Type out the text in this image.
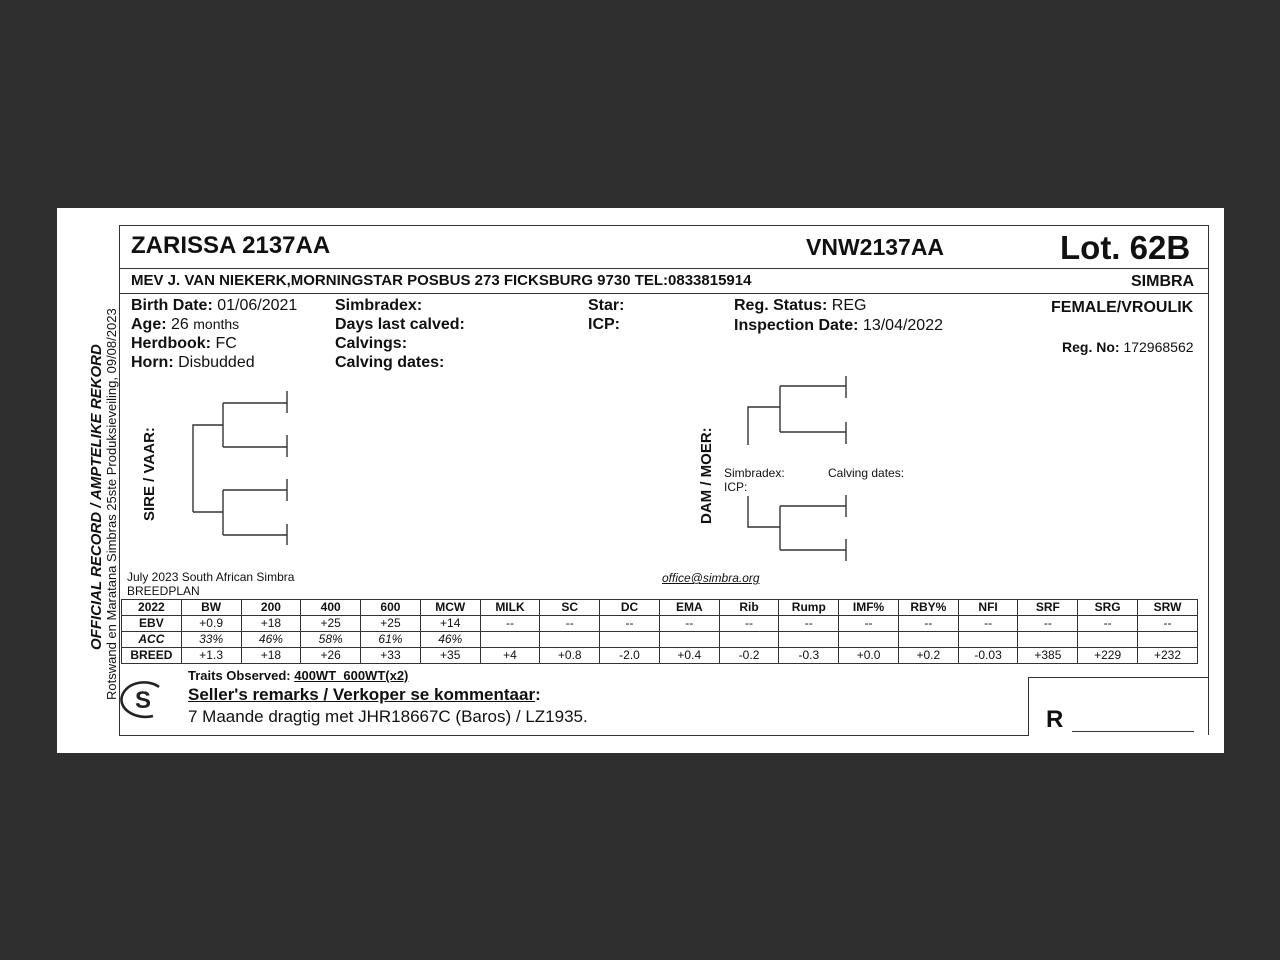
OFFICIAL RECORD / AMPTELIKE REKORD Rotswand en Maratana Simbras 25ste Produksieveiling, 09/08/2023
ZARISSA 2137AA	VNW2137AA	Lot. 62B
MEV J. VAN NIEKERK,MORNINGSTAR POSBUS 273 FICKSBURG 9730 TEL:0833815914	SIMBRA
Birth Date: 01/06/2021
Age: 26 months
Herdbook: FC
Horn: Disbudded
Simbradex:
Days last calved:
Calvings:
Calving dates:
Star:
ICP:
Reg. Status: REG
Inspection Date: 13/04/2022
FEMALE/VROULIK
Reg. No: 172968562
SIRE / VAAR:	DAM / MOER: Simbradex:
ICP:
Calving dates:
July 2023 South African Simbra
BREEDPLAN
office@simbra.org
2022	BW	200	400	600	MCW	MILK	SC	DC	EMA	Rib	Rump	IMF%	RBY%	NFI	SRF	SRG	SRW
EBV	+0.9	+18	+25	+25	+14	--	--	--	--	--	--	--	--	--	--	--	--
ACC	33%	46%	58%	61%	46%												
BREED	+1.3	+18	+26	+33	+35	+4	+0.8	-2.0	+0.4	-0.2	-0.3	+0.0	+0.2	-0.03	+385	+229	+232
S
Traits Observed: 400WT  600WT(x2)
Seller's remarks / Verkoper se kommentaar:
7 Maande dragtig met JHR18667C (Baros) / LZ1935.	R
